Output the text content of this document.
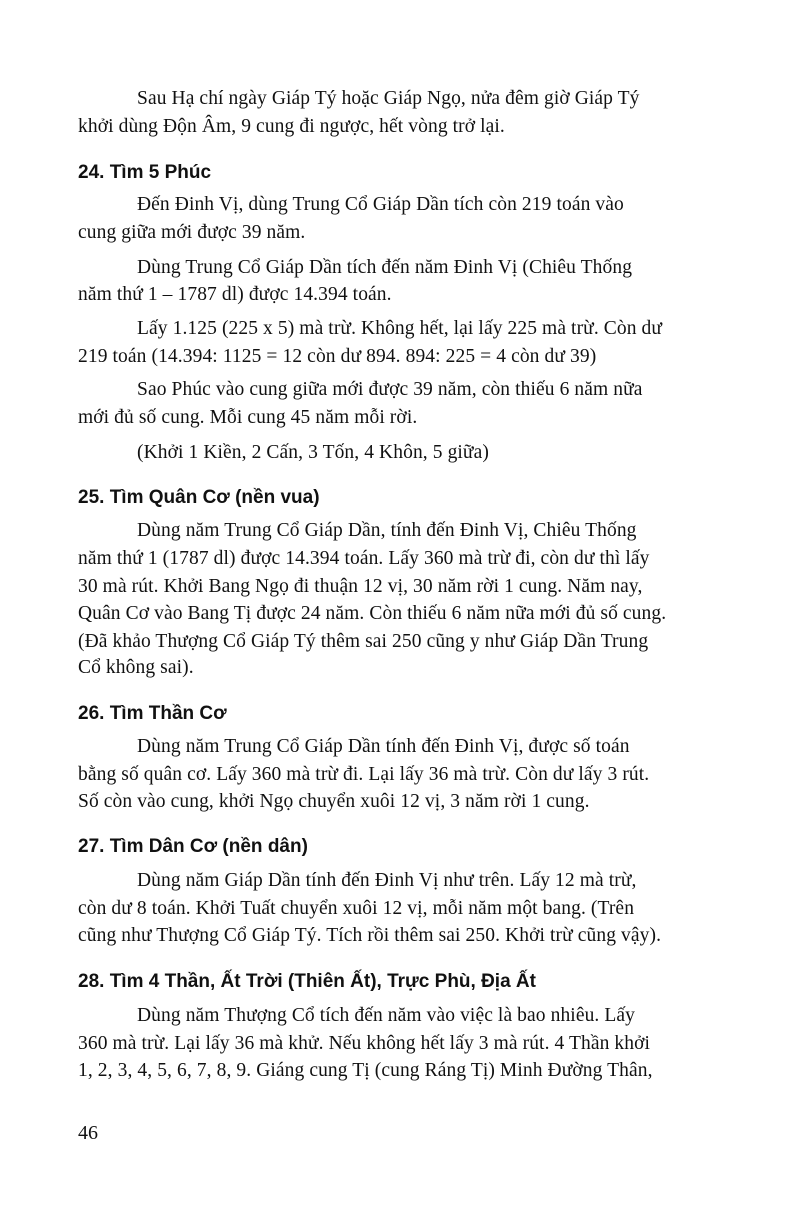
Sau Hạ chí ngày Giáp Tý hoặc Giáp Ngọ, nửa đêm giờ Giáp Tý
khởi dùng Độn Âm, 9 cung đi ngược, hết vòng trở lại.
24. Tìm 5 Phúc
Đến Đinh Vị, dùng Trung Cổ Giáp Dần tích còn 219 toán vào
cung giữa mới được 39 năm.
Dùng Trung Cổ Giáp Dần tích đến năm Đinh Vị (Chiêu Thống
năm thứ 1 – 1787 dl) được 14.394 toán.
Lấy 1.125 (225 x 5) mà trừ. Không hết, lại lấy 225 mà trừ. Còn dư
219 toán (14.394: 1125 = 12 còn dư 894. 894: 225 = 4 còn dư 39)
Sao Phúc vào cung giữa mới được 39 năm, còn thiếu 6 năm nữa
mới đủ số cung. Mỗi cung 45 năm mỗi rời.
(Khởi 1 Kiền, 2 Cấn, 3 Tốn, 4 Khôn, 5 giữa)
25. Tìm Quân Cơ (nền vua)
Dùng năm Trung Cổ Giáp Dần, tính đến Đinh Vị, Chiêu Thống
năm thứ 1 (1787 dl) được 14.394 toán. Lấy 360 mà trừ đi, còn dư thì lấy
30 mà rút. Khởi Bang Ngọ đi thuận 12 vị, 30 năm rời 1 cung. Năm nay,
Quân Cơ vào Bang Tị được 24 năm. Còn thiếu 6 năm nữa mới đủ số cung.
(Đã khảo Thượng Cổ Giáp Tý thêm sai 250 cũng y như Giáp Dần Trung
Cổ không sai).
26. Tìm Thần Cơ
Dùng năm Trung Cổ Giáp Dần tính đến Đinh Vị, được số toán
bằng số quân cơ. Lấy 360 mà trừ đi. Lại lấy 36 mà trừ. Còn dư lấy 3 rút.
Số còn vào cung, khởi Ngọ chuyển xuôi 12 vị, 3 năm rời 1 cung.
27. Tìm Dân Cơ (nền dân)
Dùng năm Giáp Dần tính đến Đinh Vị như trên. Lấy 12 mà trừ,
còn dư 8 toán. Khởi Tuất chuyển xuôi 12 vị, mỗi năm một bang. (Trên
cũng như Thượng Cổ Giáp Tý. Tích rồi thêm sai 250. Khởi trừ cũng vậy).
28. Tìm 4 Thần, Ất Trời (Thiên Ất), Trực Phù, Địa Ất
Dùng năm Thượng Cổ tích đến năm vào việc là bao nhiêu. Lấy
360 mà trừ. Lại lấy 36 mà khử. Nếu không hết lấy 3 mà rút. 4 Thần khởi
1, 2, 3, 4, 5, 6, 7, 8, 9. Giáng cung Tị (cung Ráng Tị) Minh Đường Thân,
46
